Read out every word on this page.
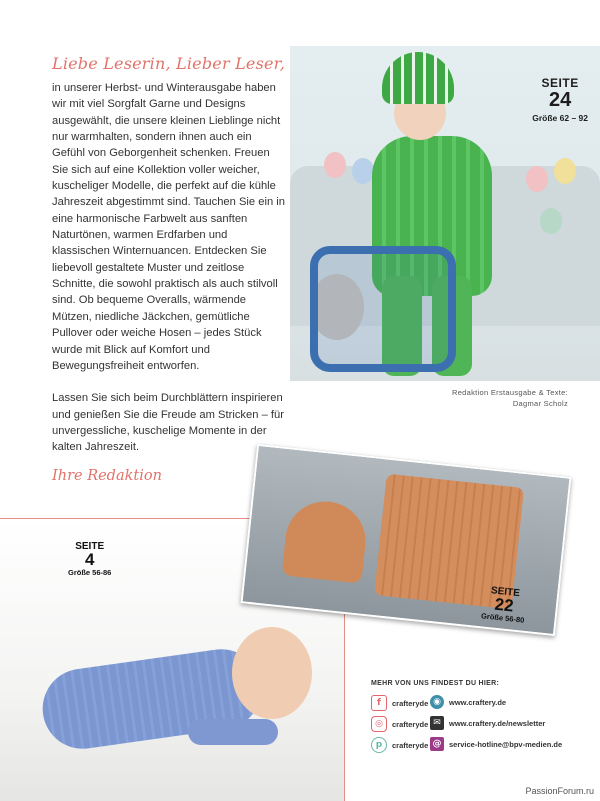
Liebe Leserin, Lieber Leser,

in unserer Herbst- und Winterausgabe haben wir mit viel Sorgfalt Garne und Designs ausgewählt, die unsere kleinen Lieblinge nicht nur warmhalten, sondern ihnen auch ein Gefühl von Geborgenheit schenken. Freuen Sie sich auf eine Kollektion voller weicher, kuscheliger Modelle, die perfekt auf die kühle Jahreszeit abgestimmt sind. Tauchen Sie ein in eine harmonische Farbwelt aus sanften Naturtönen, warmen Erdfarben und klassischen Winternuancen. Entdecken Sie liebevoll gestaltete Muster und zeitlose Schnitte, die sowohl praktisch als auch stilvoll sind. Ob bequeme Overalls, wärmende Mützen, niedliche Jäckchen, gemütliche Pullover oder weiche Hosen – jedes Stück wurde mit Blick auf Komfort und Bewegungsfreiheit entworfen.

Lassen Sie sich beim Durchblättern inspirieren und genießen Sie die Freude am Stricken – für unvergessliche, kuschelige Momente in der kalten Jahreszeit.

Ihre Redaktion
SEITE
24
Größe 62 – 92
Redaktion Erstausgabe & Texte:
Dagmar Scholz
SEITE
4
Größe 56-86
SEITE
22
Größe 56-80
MEHR VON UNS FINDEST DU HIER:
f	crafteryde ◉	www.craftery.de
◎	crafteryde ✉	www.craftery.de/newsletter
p	crafteryde @	service-hotline@bpv-medien.de
PassionForum.ru
